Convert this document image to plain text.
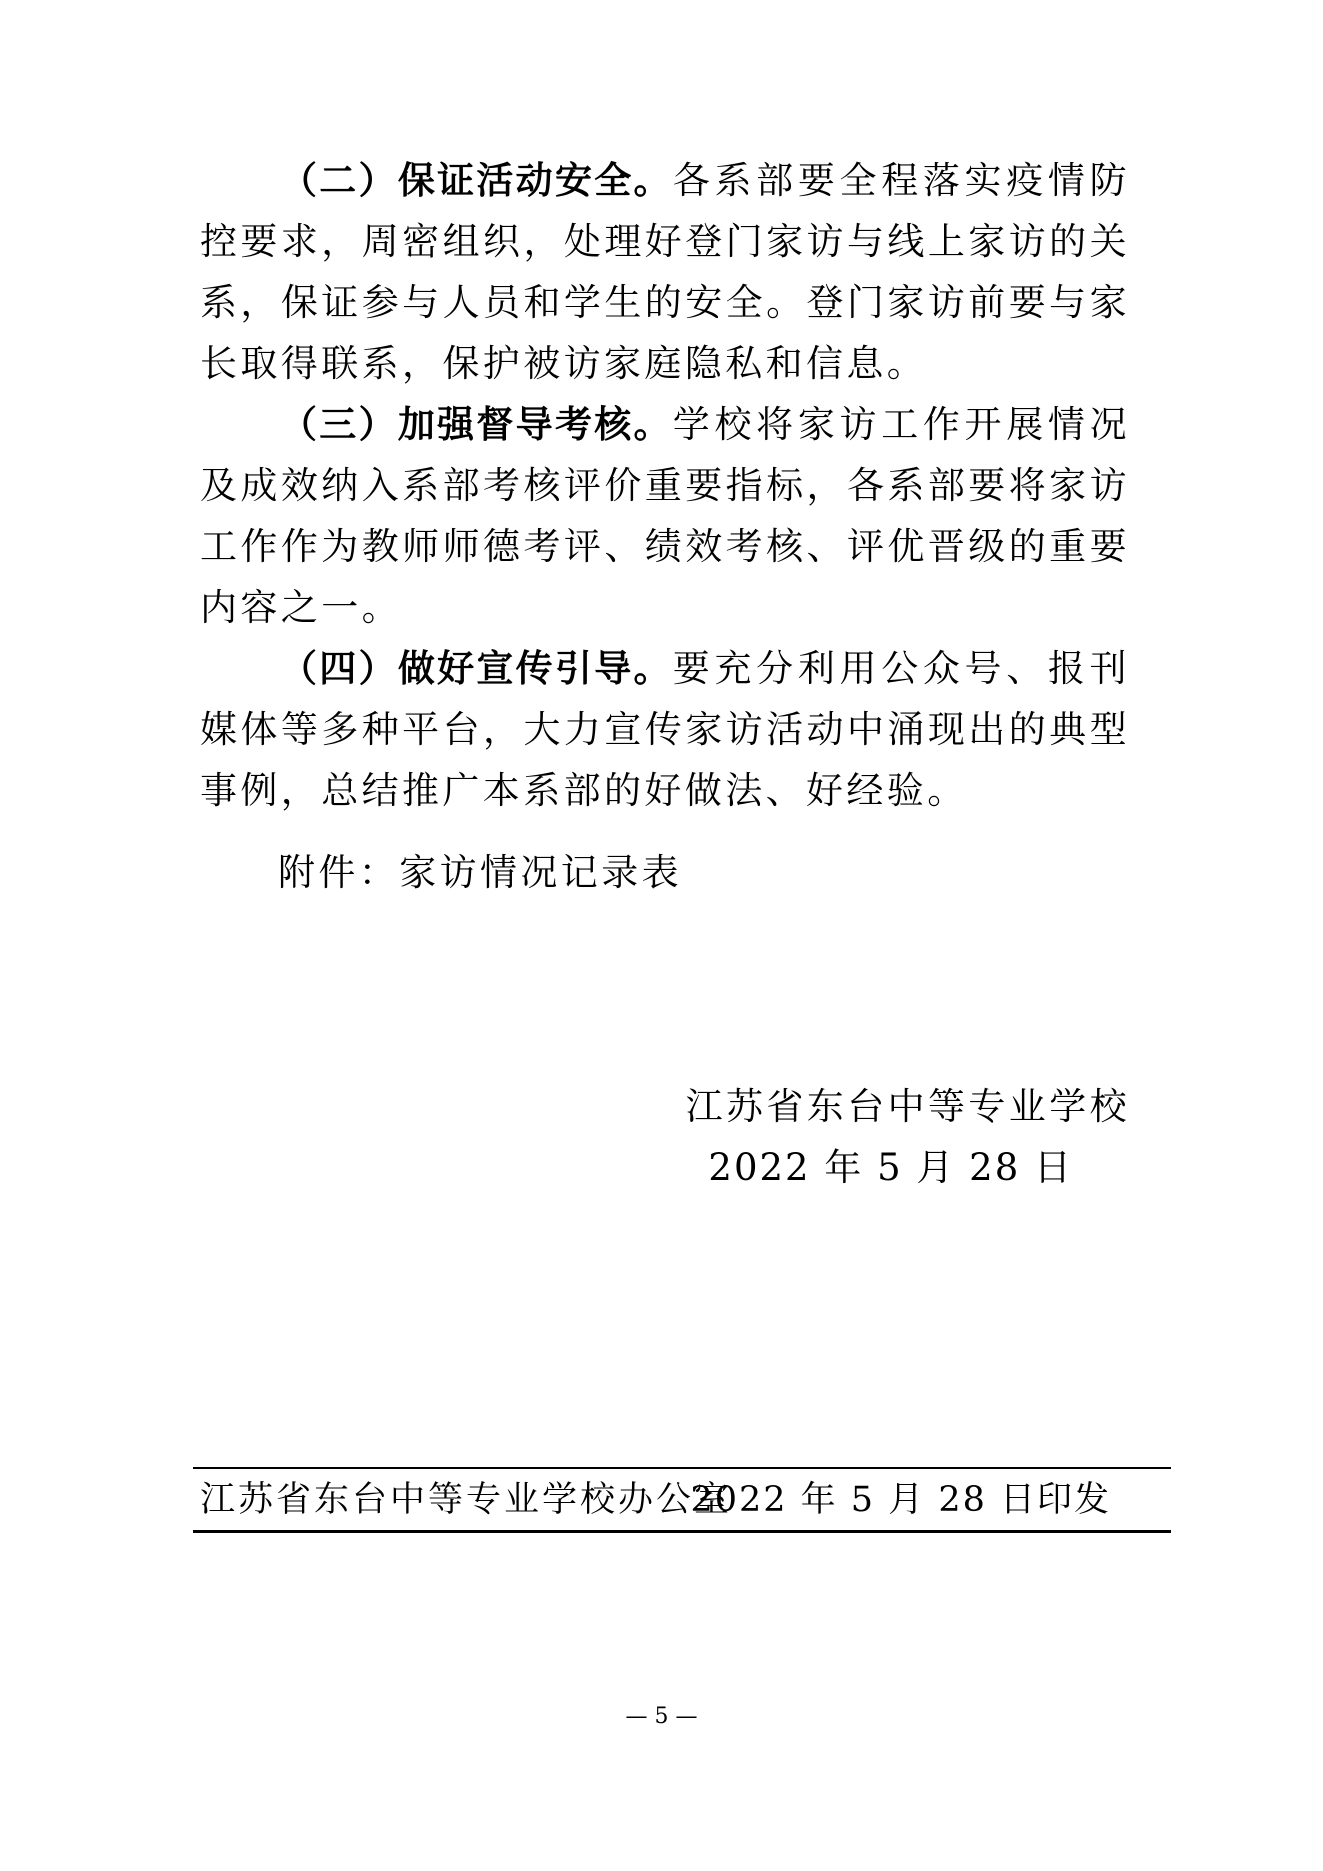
（二）保证活动安全。各系部要全程落实疫情防控要求，周密组织，处理好登门家访与线上家访的关系，保证参与人员和学生的安全。登门家访前要与家长取得联系，保护被访家庭隐私和信息。

（三）加强督导考核。学校将家访工作开展情况及成效纳入系部考核评价重要指标，各系部要将家访工作作为教师师德考评、绩效考核、评优晋级的重要内容之一。

（四）做好宣传引导。要充分利用公众号、报刊媒体等多种平台，大力宣传家访活动中涌现出的典型事例，总结推广本系部的好做法、好经验。

附件：家访情况记录表
江苏省东台中等专业学校
2022 年 5 月 28 日
江苏省东台中等专业学校办公室
2022 年 5 月 28 日印发
— 5 —
